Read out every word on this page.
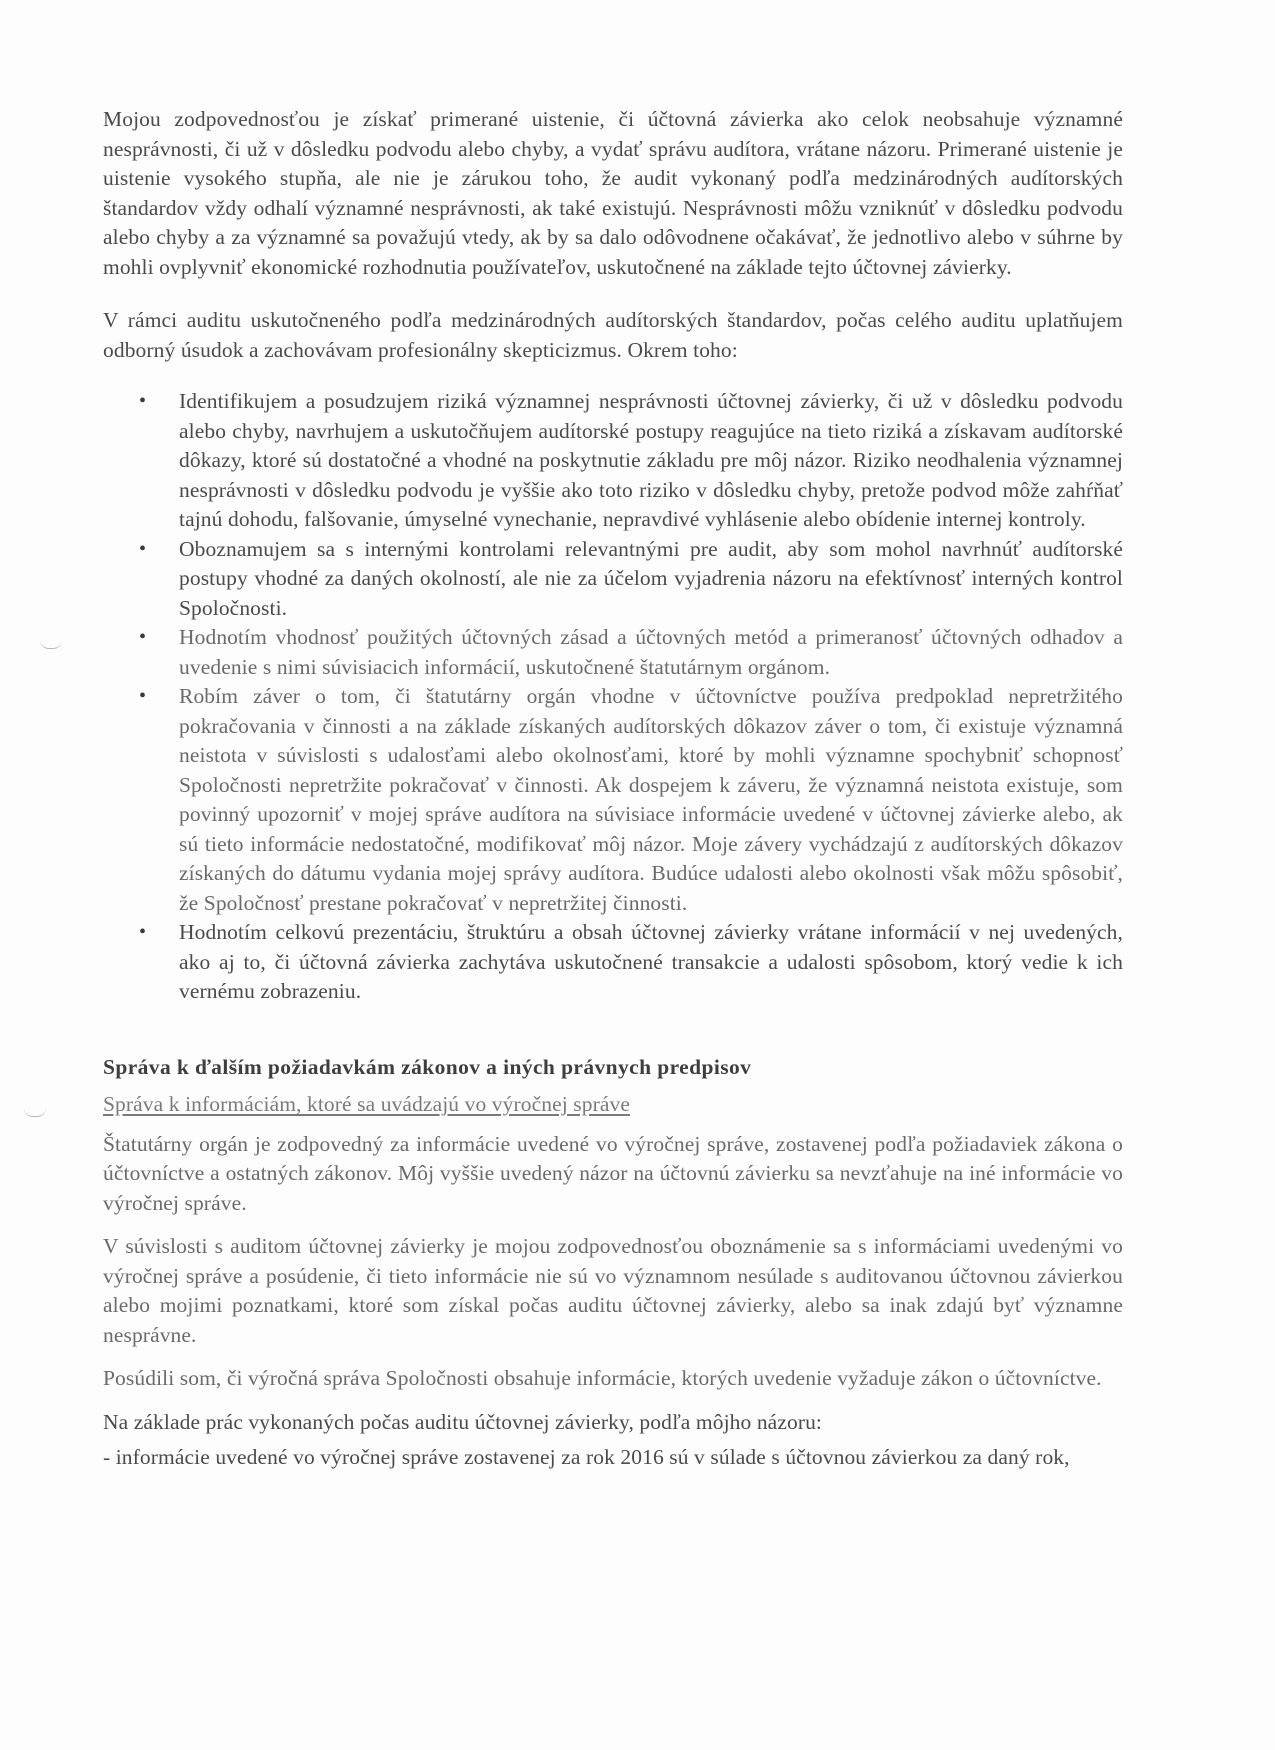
Mojou zodpovednosťou je získať primerané uistenie, či účtovná závierka ako celok neobsahuje významné nesprávnosti, či už v dôsledku podvodu alebo chyby, a vydať správu audítora, vrátane názoru. Primerané uistenie je uistenie vysokého stupňa, ale nie je zárukou toho, že audit vykonaný podľa medzinárodných audítorských štandardov vždy odhalí významné nesprávnosti, ak také existujú. Nesprávnosti môžu vzniknúť v dôsledku podvodu alebo chyby a za významné sa považujú vtedy, ak by sa dalo odôvodnene očakávať, že jednotlivo alebo v súhrne by mohli ovplyvniť ekonomické rozhodnutia používateľov, uskutočnené na základe tejto účtovnej závierky.

V rámci auditu uskutočneného podľa medzinárodných audítorských štandardov, počas celého auditu uplatňujem odborný úsudok a zachovávam profesionálny skepticizmus. Okrem toho:

• Identifikujem a posudzujem riziká významnej nesprávnosti účtovnej závierky, či už v dôsledku podvodu alebo chyby, navrhujem a uskutočňujem audítorské postupy reagujúce na tieto riziká a získavam audítorské dôkazy, ktoré sú dostatočné a vhodné na poskytnutie základu pre môj názor. Riziko neodhalenia významnej nesprávnosti v dôsledku podvodu je vyššie ako toto riziko v dôsledku chyby, pretože podvod môže zahŕňať tajnú dohodu, falšovanie, úmyselné vynechanie, nepravdivé vyhlásenie alebo obídenie internej kontroly.
• Oboznamujem sa s internými kontrolami relevantnými pre audit, aby som mohol navrhnúť audítorské postupy vhodné za daných okolností, ale nie za účelom vyjadrenia názoru na efektívnosť interných kontrol Spoločnosti.
• Hodnotím vhodnosť použitých účtovných zásad a účtovných metód a primeranosť účtovných odhadov a uvedenie s nimi súvisiacich informácií, uskutočnené štatutárnym orgánom.
• Robím záver o tom, či štatutárny orgán vhodne v účtovníctve používa predpoklad nepretržitého pokračovania v činnosti a na základe získaných audítorských dôkazov záver o tom, či existuje významná neistota v súvislosti s udalosťami alebo okolnosťami, ktoré by mohli významne spochybniť schopnosť Spoločnosti nepretržite pokračovať v činnosti. Ak dospejem k záveru, že významná neistota existuje, som povinný upozorniť v mojej správe audítora na súvisiace informácie uvedené v účtovnej závierke alebo, ak sú tieto informácie nedostatočné, modifikovať môj názor. Moje závery vychádzajú z audítorských dôkazov získaných do dátumu vydania mojej správy audítora. Budúce udalosti alebo okolnosti však môžu spôsobiť, že Spoločnosť prestane pokračovať v nepretržitej činnosti.
• Hodnotím celkovú prezentáciu, štruktúru a obsah účtovnej závierky vrátane informácií v nej uvedených, ako aj to, či účtovná závierka zachytáva uskutočnené transakcie a udalosti spôsobom, ktorý vedie k ich vernému zobrazeniu.
Správa k ďalším požiadavkám zákonov a iných právnych predpisov
Správa k informáciám, ktoré sa uvádzajú vo výročnej správe

Štatutárny orgán je zodpovedný za informácie uvedené vo výročnej správe, zostavenej podľa požiadaviek zákona o účtovníctve a ostatných zákonov. Môj vyššie uvedený názor na účtovnú závierku sa nevzťahuje na iné informácie vo výročnej správe.

V súvislosti s auditom účtovnej závierky je mojou zodpovednosťou oboznámenie sa s informáciami uvedenými vo výročnej správe a posúdenie, či tieto informácie nie sú vo významnom nesúlade s auditovanou účtovnou závierkou alebo mojimi poznatkami, ktoré som získal počas auditu účtovnej závierky, alebo sa inak zdajú byť významne nesprávne.

Posúdili som, či výročná správa Spoločnosti obsahuje informácie, ktorých uvedenie vyžaduje zákon o účtovníctve.

Na základe prác vykonaných počas auditu účtovnej závierky, podľa môjho názoru:

- informácie uvedené vo výročnej správe zostavenej za rok 2016 sú v súlade s účtovnou závierkou za daný rok,
